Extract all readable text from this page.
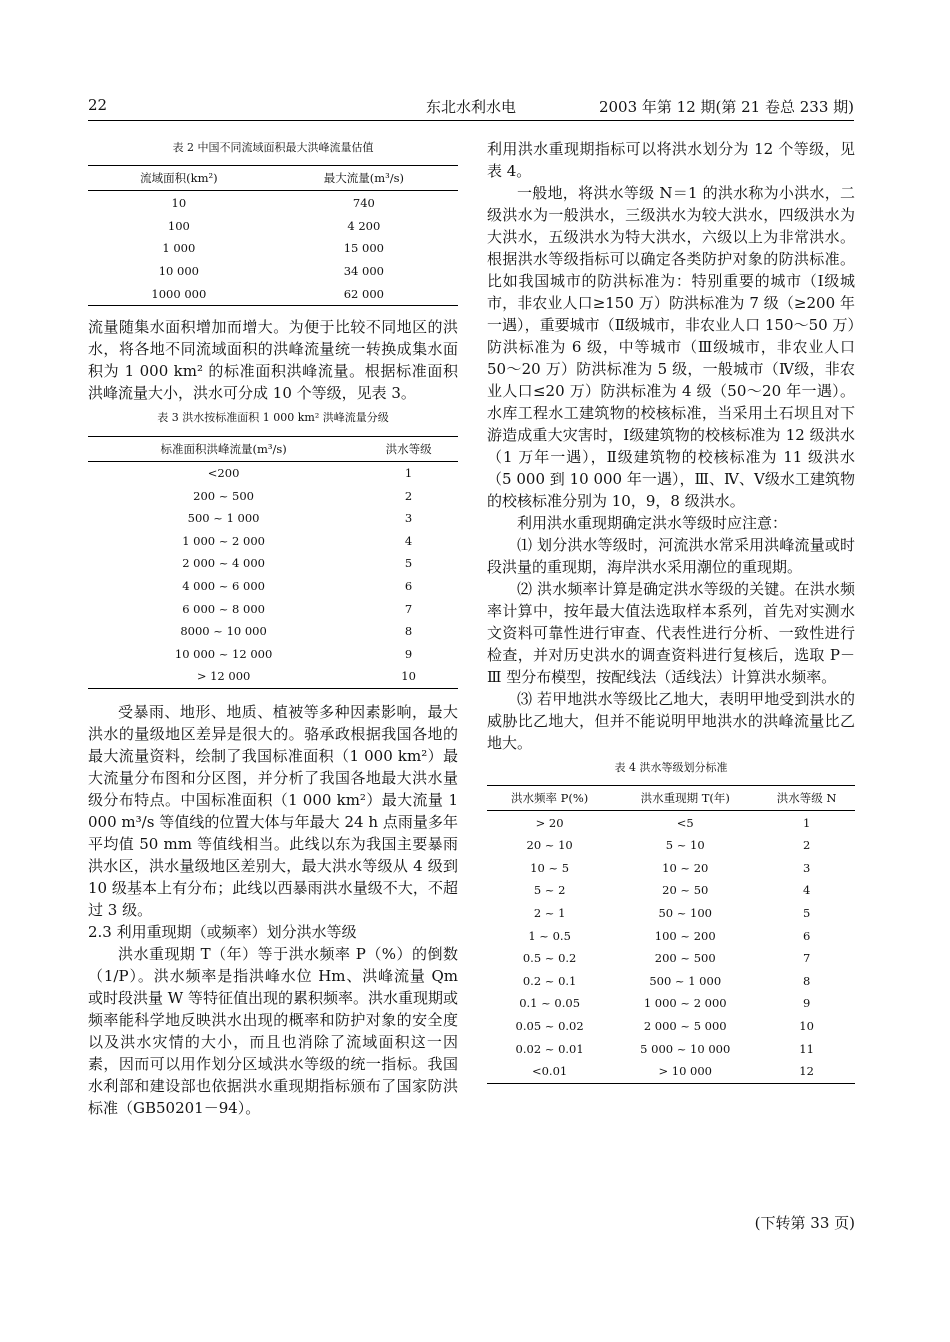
22	东北水利水电	2003 年第 12 期(第 21 卷总 233 期)
表 2 中国不同流域面积最大洪峰流量估值
流域面积(km²)	最大流量(m³/s)
10	740
100	4 200
1 000	15 000
10 000	34 000
1000 000	62 000

流量随集水面积增加而增大。为便于比较不同地区的洪水，将各地不同流域面积的洪峰流量统一转换成集水面积为 1 000 km² 的标准面积洪峰流量。根据标准面积洪峰流量大小，洪水可分成 10 个等级，见表 3。

表 3 洪水按标准面积 1 000 km² 洪峰流量分级
标准面积洪峰流量(m³/s)	洪水等级
<200	1
200 ~ 500	2
500 ~ 1 000	3
1 000 ~ 2 000	4
2 000 ~ 4 000	5
4 000 ~ 6 000	6
6 000 ~ 8 000	7
8000 ~ 10 000	8
10 000 ~ 12 000	9
> 12 000	10

受暴雨、地形、地质、植被等多种因素影响，最大洪水的量级地区差异是很大的。骆承政根据我国各地的最大流量资料，绘制了我国标准面积（1 000 km²）最大流量分布图和分区图，并分析了我国各地最大洪水量级分布特点。中国标准面积（1 000 km²）最大流量 1 000 m³/s 等值线的位置大体与年最大 24 h 点雨量多年平均值 50 mm 等值线相当。此线以东为我国主要暴雨洪水区，洪水量级地区差别大，最大洪水等级从 4 级到 10 级基本上有分布；此线以西暴雨洪水量级不大，不超过 3 级。

2.3 利用重现期（或频率）划分洪水等级

洪水重现期 T（年）等于洪水频率 P（%）的倒数（1/P）。洪水频率是指洪峰水位 Hm、洪峰流量 Qm 或时段洪量 W 等特征值出现的累积频率。洪水重现期或频率能科学地反映洪水出现的概率和防护对象的安全度以及洪水灾情的大小，而且也消除了流域面积这一因素，因而可以用作划分区域洪水等级的统一指标。我国水利部和建设部也依据洪水重现期指标颁布了国家防洪标准（GB50201－94）。

利用洪水重现期指标可以将洪水划分为 12 个等级，见表 4。

一般地，将洪水等级 N＝1 的洪水称为小洪水，二级洪水为一般洪水，三级洪水为较大洪水，四级洪水为大洪水，五级洪水为特大洪水，六级以上为非常洪水。根据洪水等级指标可以确定各类防护对象的防洪标准。比如我国城市的防洪标准为：特别重要的城市（Ⅰ级城市，非农业人口≥150 万）防洪标准为 7 级（≥200 年一遇），重要城市（Ⅱ级城市，非农业人口 150～50 万）防洪标准为 6 级，中等城市（Ⅲ级城市，非农业人口 50～20 万）防洪标准为 5 级，一般城市（Ⅳ级，非农业人口≤20 万）防洪标准为 4 级（50～20 年一遇）。水库工程水工建筑物的校核标准，当采用土石坝且对下游造成重大灾害时，Ⅰ级建筑物的校核标准为 12 级洪水（1 万年一遇），Ⅱ级建筑物的校核标准为 11 级洪水（5 000 到 10 000 年一遇），Ⅲ、Ⅳ、Ⅴ级水工建筑物的校核标准分别为 10，9，8 级洪水。

利用洪水重现期确定洪水等级时应注意：

⑴ 划分洪水等级时，河流洪水常采用洪峰流量或时段洪量的重现期，海岸洪水采用潮位的重现期。

⑵ 洪水频率计算是确定洪水等级的关键。在洪水频率计算中，按年最大值法选取样本系列，首先对实测水文资料可靠性进行审查、代表性进行分析、一致性进行检查，并对历史洪水的调查资料进行复核后，选取 P－Ⅲ 型分布模型，按配线法（适线法）计算洪水频率。

⑶ 若甲地洪水等级比乙地大，表明甲地受到洪水的威胁比乙地大，但并不能说明甲地洪水的洪峰流量比乙地大。

表 4 洪水等级划分标准
洪水频率 P(%)	洪水重现期 T(年)	洪水等级 N
> 20	<5	1
20 ~ 10	5 ~ 10	2
10 ~ 5	10 ~ 20	3
5 ~ 2	20 ~ 50	4
2 ~ 1	50 ~ 100	5
1 ~ 0.5	100 ~ 200	6
0.5 ~ 0.2	200 ~ 500	7
0.2 ~ 0.1	500 ~ 1 000	8
0.1 ~ 0.05	1 000 ~ 2 000	9
0.05 ~ 0.02	2 000 ~ 5 000	10
0.02 ~ 0.01	5 000 ~ 10 000	11
<0.01	> 10 000	12
(下转第 33 页)
